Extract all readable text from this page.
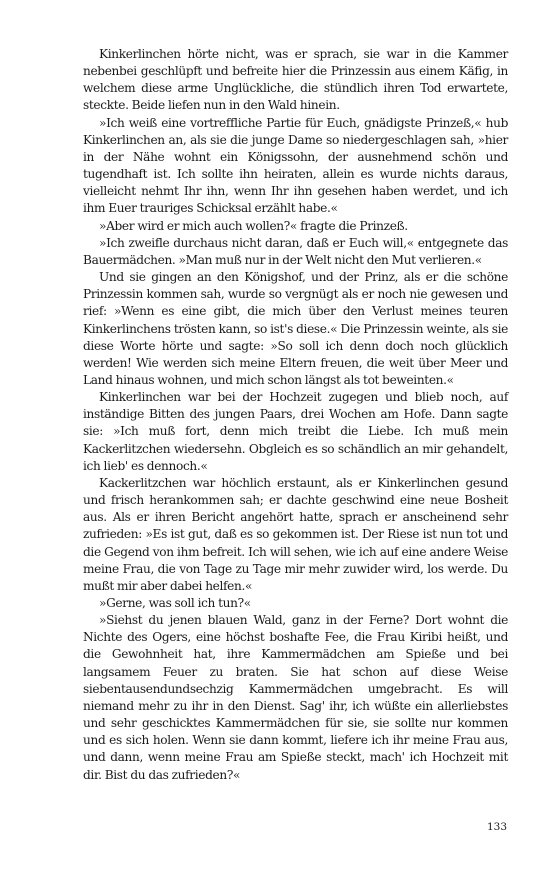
Kinkerlinchen hörte nicht, was er sprach, sie war in die Kammer nebenbei geschlüpft und befreite hier die Prinzessin aus einem Käfig, in welchem diese arme Unglückliche, die stündlich ihren Tod erwartete, steckte. Beide liefen nun in den Wald hinein.

»Ich weiß eine vortreffliche Partie für Euch, gnädigste Prinzeß,« hub Kinkerlinchen an, als sie die junge Dame so niedergeschlagen sah, »hier in der Nähe wohnt ein Königssohn, der ausnehmend schön und tugendhaft ist. Ich sollte ihn heiraten, allein es wurde nichts daraus, vielleicht nehmt Ihr ihn, wenn Ihr ihn gesehen haben werdet, und ich ihm Euer trauriges Schicksal erzählt habe.«

»Aber wird er mich auch wollen?« fragte die Prinzeß.

»Ich zweifle durchaus nicht daran, daß er Euch will,« entgegnete das Bauermädchen. »Man muß nur in der Welt nicht den Mut verlieren.«

Und sie gingen an den Königshof, und der Prinz, als er die schöne Prinzessin kommen sah, wurde so vergnügt als er noch nie gewesen und rief: »Wenn es eine gibt, die mich über den Verlust meines teuren Kinkerlinchens trösten kann, so ist's diese.« Die Prinzessin weinte, als sie diese Worte hörte und sagte: »So soll ich denn doch noch glücklich werden! Wie werden sich meine Eltern freuen, die weit über Meer und Land hinaus wohnen, und mich schon längst als tot beweinten.«

Kinkerlinchen war bei der Hochzeit zugegen und blieb noch, auf inständige Bitten des jungen Paars, drei Wochen am Hofe. Dann sagte sie: »Ich muß fort, denn mich treibt die Liebe. Ich muß mein Kackerlitzchen wiedersehn. Obgleich es so schändlich an mir gehandelt, ich lieb' es dennoch.«

Kackerlitzchen war höchlich erstaunt, als er Kinkerlinchen gesund und frisch herankommen sah; er dachte geschwind eine neue Bosheit aus. Als er ihren Bericht angehört hatte, sprach er anscheinend sehr zufrieden: »Es ist gut, daß es so gekommen ist. Der Riese ist nun tot und die Gegend von ihm befreit. Ich will sehen, wie ich auf eine andere Weise meine Frau, die von Tage zu Tage mir mehr zuwider wird, los werde. Du mußt mir aber dabei helfen.«

»Gerne, was soll ich tun?«

»Siehst du jenen blauen Wald, ganz in der Ferne? Dort wohnt die Nichte des Ogers, eine höchst boshafte Fee, die Frau Kiribi heißt, und die Gewohnheit hat, ihre Kammermädchen am Spieße und bei langsamem Feuer zu braten. Sie hat schon auf diese Weise siebentausendundsechzig Kammermädchen umgebracht. Es will niemand mehr zu ihr in den Dienst. Sag' ihr, ich wüßte ein allerliebstes und sehr geschicktes Kammermädchen für sie, sie sollte nur kommen und es sich holen. Wenn sie dann kommt, liefere ich ihr meine Frau aus, und dann, wenn meine Frau am Spieße steckt, mach' ich Hochzeit mit dir. Bist du das zufrieden?«

133
